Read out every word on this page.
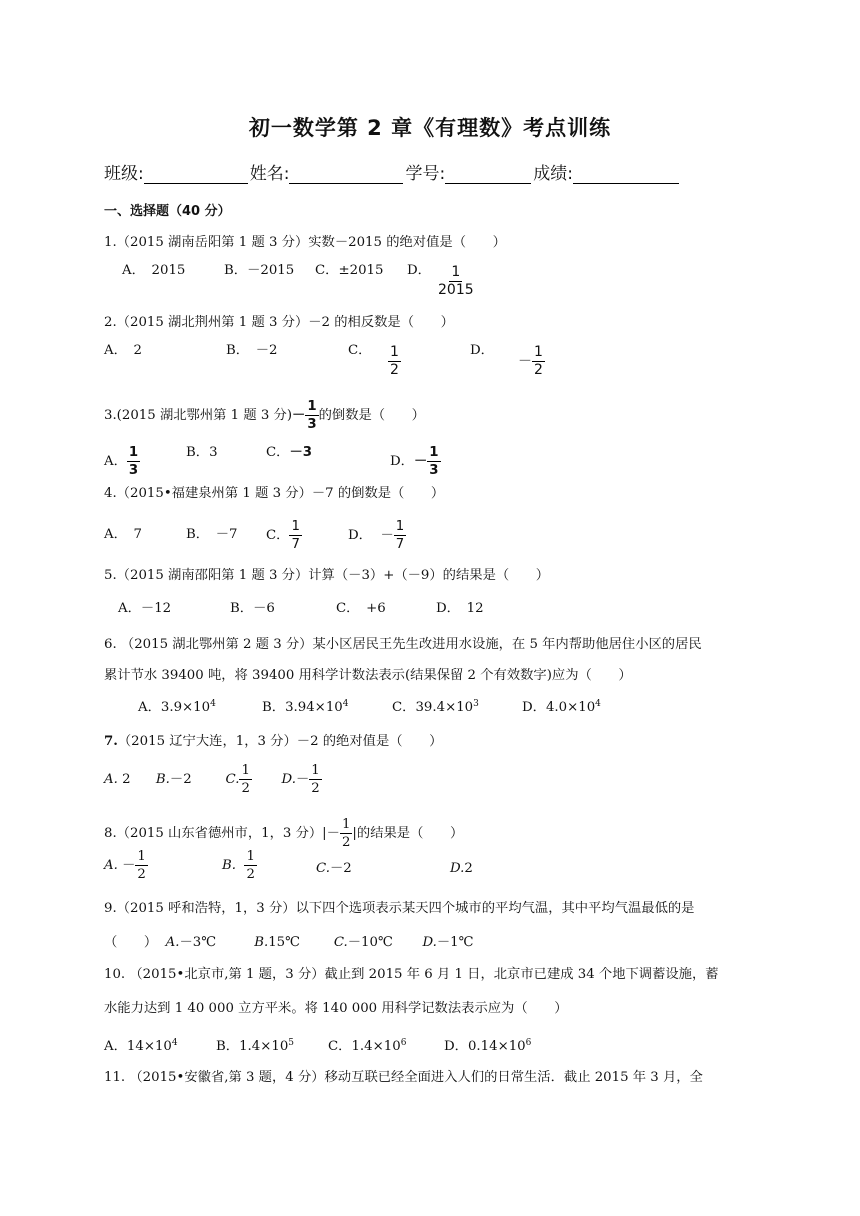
初一数学第 2 章《有理数》考点训练
班级:	姓名:	学号:	成绩:
一、选择题（40 分）
1.（2015 湖南岳阳第 1 题 3 分）实数－2015 的绝对值是（　　）
A．　2015	B．－2015 C．±2015 D． $\frac{1}{2015}$
2.（2015 湖北荆州第 1 题 3 分）－2 的相反数是（　　）
A．　2	B．　－2	C． $\frac{1}{2}$	D．
－ $\frac{1}{2}$
3.(2015 湖北鄂州第 1 题 3 分)－ $\frac{1}{3}$ 的倒数是（　　）
A． $\frac{1}{3}$	B．3	C．－3
D．－ $\frac{1}{3}$
4.（2015•福建泉州第 1 题 3 分）－7 的倒数是（　　）
A．　7	B．　－7 C． $\frac{1}{7}$	D． － $\frac{1}{7}$
5.（2015 湖南邵阳第 1 题 3 分）计算（－3）+（－9）的结果是（　　）
A．－12	B．－6	C．　+6	D．　12
6. （2015 湖北鄂州第 2 题 3 分）某小区居民王先生改进用水设施，在 5 年内帮助他居住小区的居民
累计节水 39400 吨，将 39400 用科学计数法表示(结果保留 2 个有效数字)应为（　　）
A．$3.9\times 10^4$	B．$3.94\times 10^4$	C．$39.4\times 10^3$	D．$4.0\times 10^4$
7.（2015 辽宁大连，1，3 分）－2 的绝对值是（　　）
A. 2 B.－2	C. $\frac{1}{2} D.- \frac{1}{2}$
8.（2015 山东省德州市，1，3 分）|－ $\frac{1}{2}$ |的结果是（　　）
A. － $\frac{1}{2}$	B. $\frac{1}{2}$	C.－2	D.2
9.（2015 呼和浩特，1，3 分）以下四个选项表示某天四个城市的平均气温，其中平均气温最低的是
（　　） A.－3℃	B.15℃	C.－10℃ D.－1℃
10. （2015•北京市,第 1 题，3 分）截止到 2015 年 6 月 1 日，北京市已建成 34 个地下调蓄设施，蓄
水能力达到 1 40 000 立方平米。将 140 000 用科学记数法表示应为（　　）
A．$14\times 10^4$	B．$1.4\times 10^5$	C．$1.4\times 10^6$	D．$0.14\times 10^6$
11. （2015•安徽省,第 3 题，4 分）移动互联已经全面进入人们的日常生活．截止 2015 年 3 月，全
